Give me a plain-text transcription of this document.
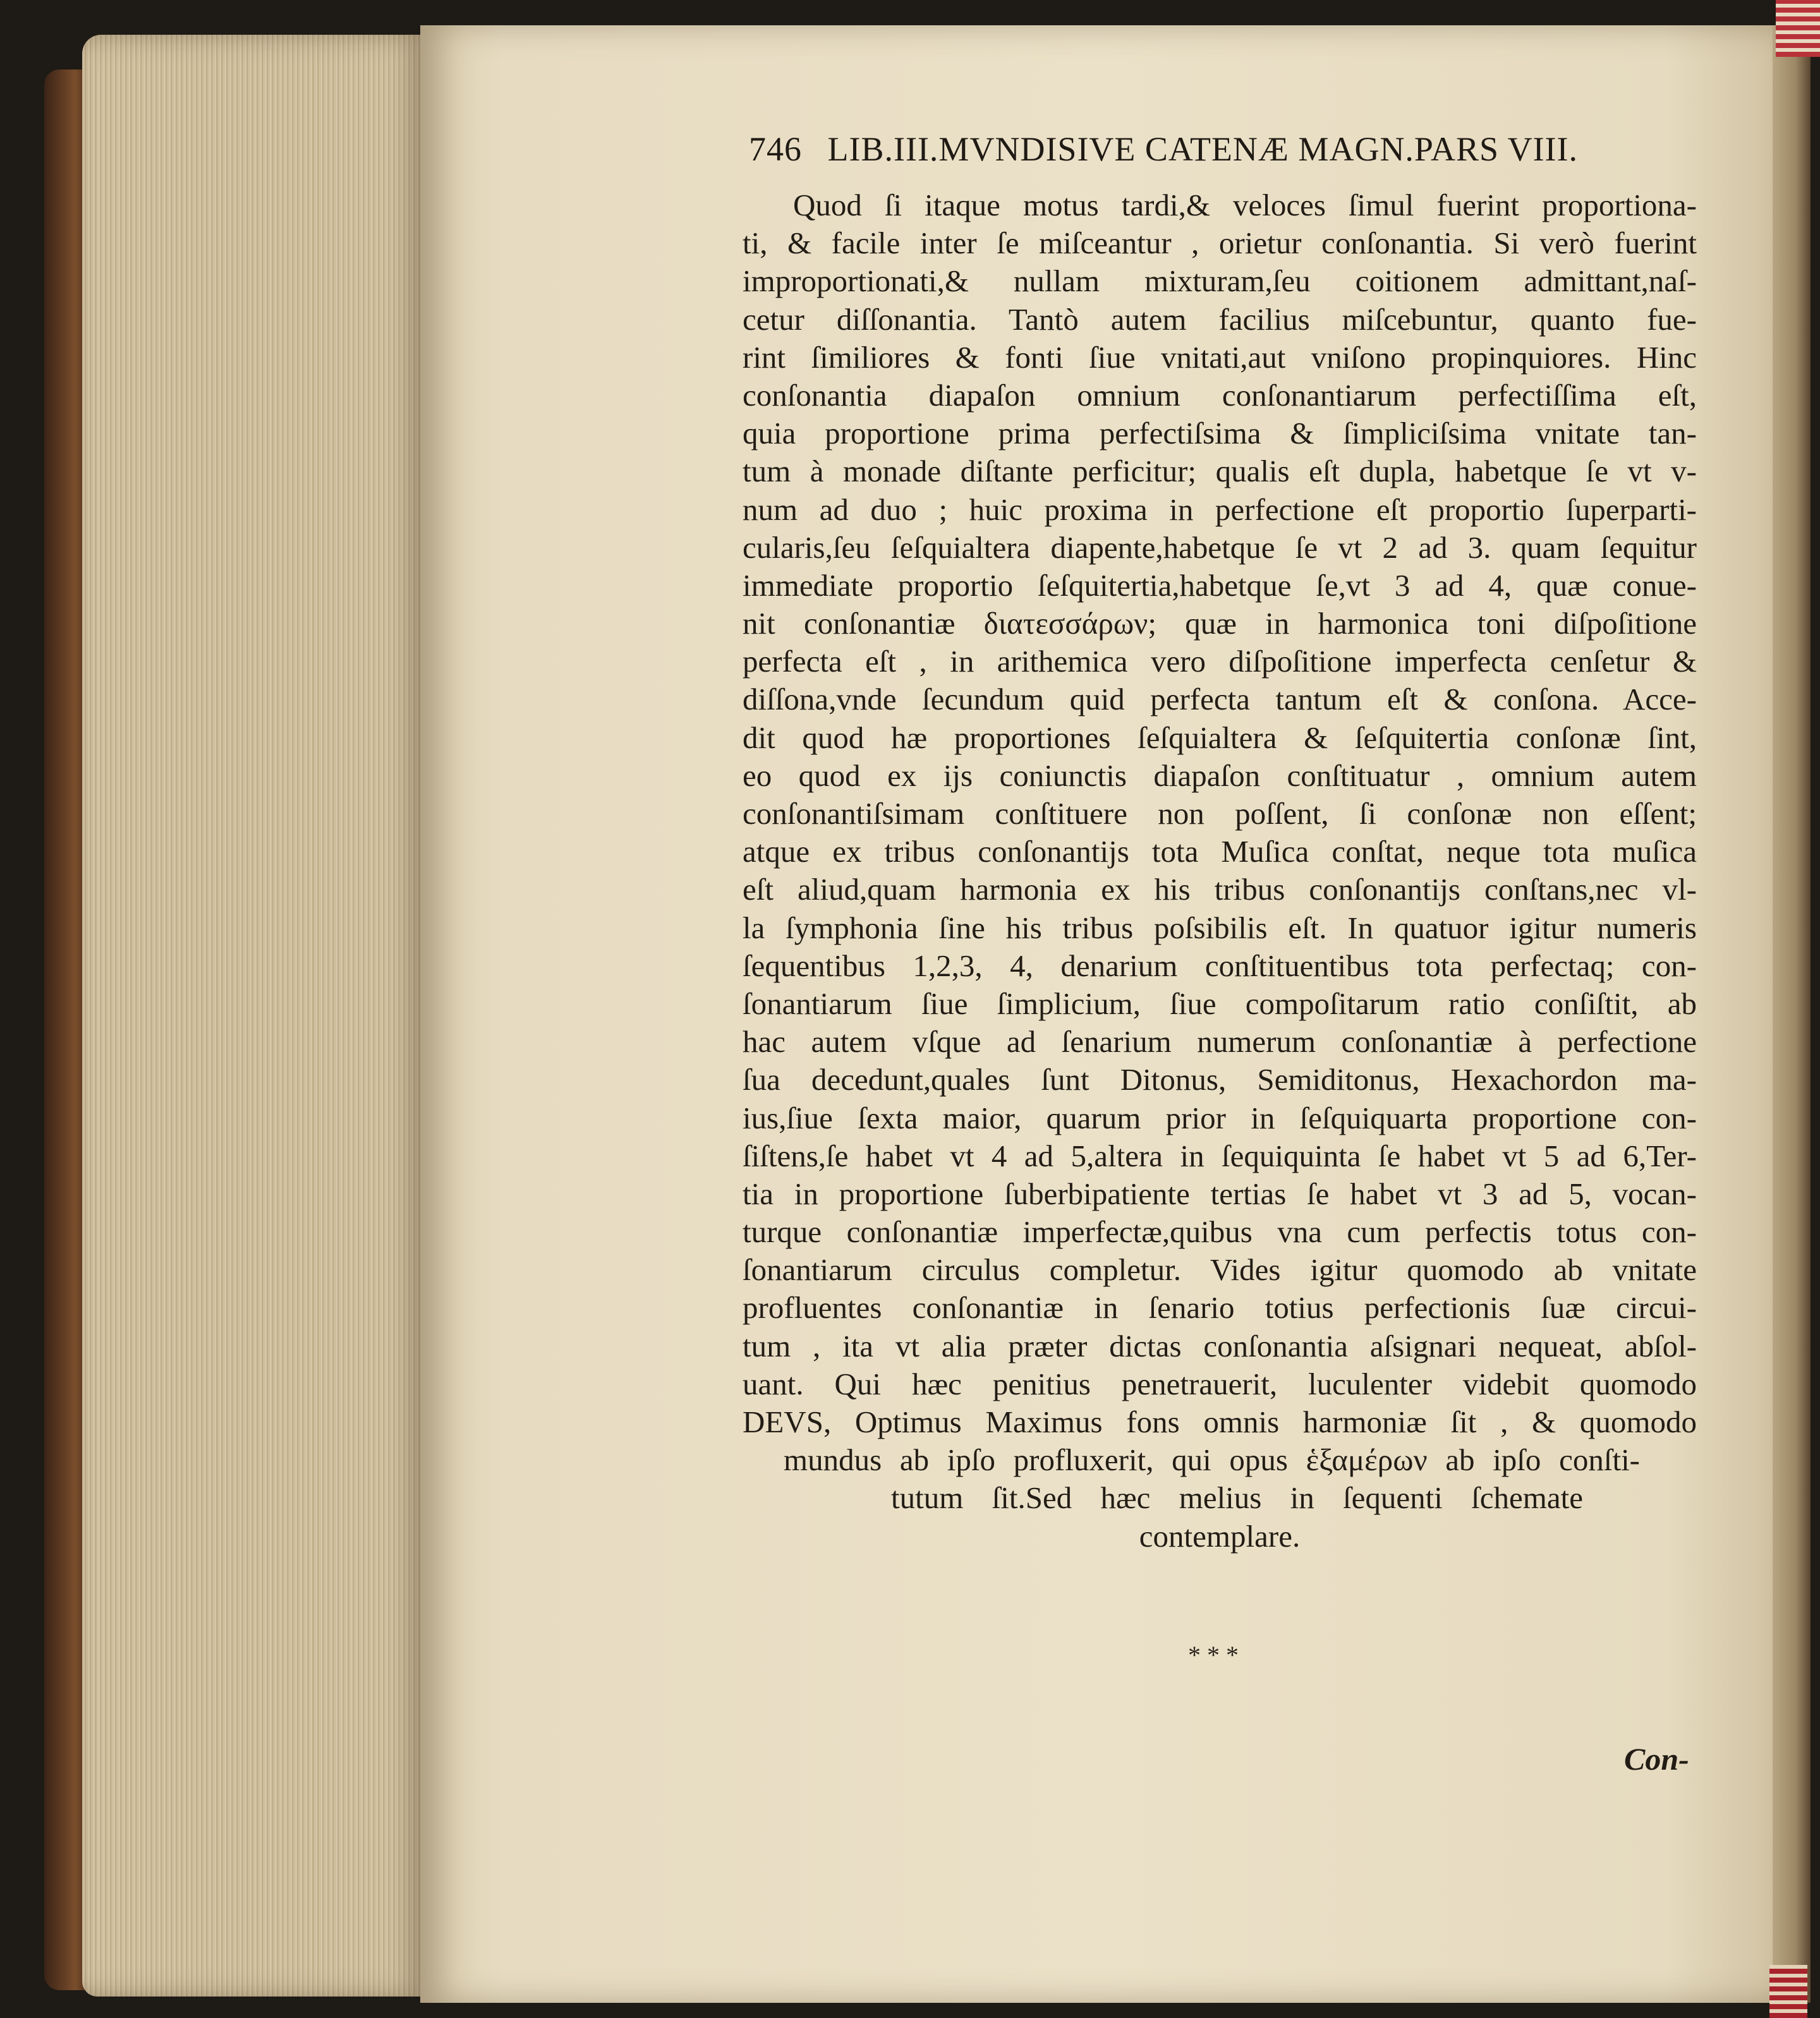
746 LIB.III.MVNDISIVE CATENÆ MAGN.PARS VIII.
Quod ſi itaque motus tardi,& veloces ſimul fuerint proportiona-
ti, & facile inter ſe miſceantur , orietur conſonantia. Si verò fuerint
improportionati,& nullam mixturam,ſeu coitionem admittant,naſ-
cetur diſſonantia. Tantò autem facilius miſcebuntur, quanto fue-
rint ſimiliores & fonti ſiue vnitati,aut vniſono propinquiores. Hinc
conſonantia diapaſon omnium conſonantiarum perfectiſſima eſt,
quia proportione prima perfectiſsima & ſimpliciſsima vnitate tan-
tum à monade diſtante perficitur; qualis eſt dupla, habetque ſe vt v-
num ad duo ; huic proxima in perfectione eſt proportio ſuperparti-
cularis,ſeu ſeſquialtera diapente,habetque ſe vt 2 ad 3. quam ſequitur
immediate proportio ſeſquitertia,habetque ſe,vt 3 ad 4, quæ conue-
nit conſonantiæ διατεσσάρων; quæ in harmonica toni diſpoſitione
perfecta eſt , in arithemica vero diſpoſitione imperfecta cenſetur &
diſſona,vnde ſecundum quid perfecta tantum eſt & conſona. Acce-
dit quod hæ proportiones ſeſquialtera & ſeſquitertia conſonæ ſint,
eo quod ex ijs coniunctis diapaſon conſtituatur , omnium autem
conſonantiſsimam conſtituere non poſſent, ſi conſonæ non eſſent;
atque ex tribus conſonantijs tota Muſica conſtat, neque tota muſica
eſt aliud,quam harmonia ex his tribus conſonantijs conſtans,nec vl-
la ſymphonia ſine his tribus poſsibilis eſt. In quatuor igitur numeris
ſequentibus 1,2,3, 4, denarium conſtituentibus tota perfectaq; con-
ſonantiarum ſiue ſimplicium, ſiue compoſitarum ratio conſiſtit, ab
hac autem vſque ad ſenarium numerum conſonantiæ à perfectione
ſua decedunt,quales ſunt Ditonus, Semiditonus, Hexachordon ma-
ius,ſiue ſexta maior, quarum prior in ſeſquiquarta proportione con-
ſiſtens,ſe habet vt 4 ad 5,altera in ſequiquinta ſe habet vt 5 ad 6,Ter-
tia in proportione ſuberbipatiente tertias ſe habet vt 3 ad 5, vocan-
turque conſonantiæ imperfectæ,quibus vna cum perfectis totus con-
ſonantiarum circulus completur. Vides igitur quomodo ab vnitate
profluentes conſonantiæ in ſenario totius perfectionis ſuæ circui-
tum , ita vt alia præter dictas conſonantia aſsignari nequeat, abſol-
uant. Qui hæc penitius penetrauerit, luculenter videbit quomodo
DEVS, Optimus Maximus fons omnis harmoniæ ſit , & quomodo
mundus ab ipſo profluxerit, qui opus ἑξαμέρων ab ipſo conſti-
tutum ſit.Sed hæc melius in ſequenti ſchemate
contemplare.
* * *
Con-
